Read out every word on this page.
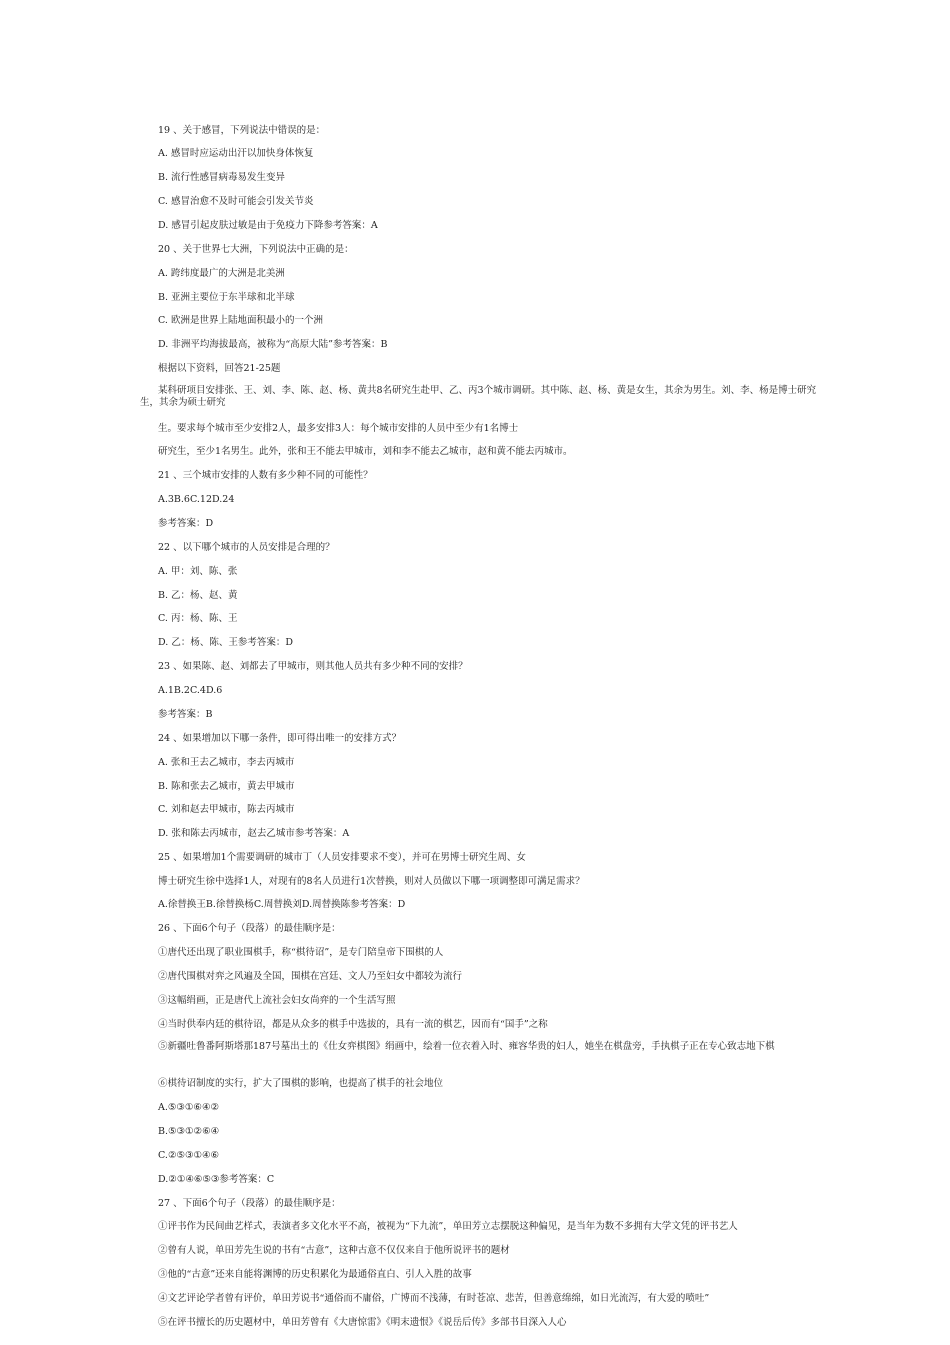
19 、关于感冒，下列说法中错误的是：
A. 感冒时应运动出汗以加快身体恢复
B. 流行性感冒病毒易发生变异
C. 感冒治愈不及时可能会引发关节炎
D. 感冒引起皮肤过敏是由于免疫力下降参考答案：A
20 、关于世界七大洲，下列说法中正确的是：
A. 跨纬度最广的大洲是北美洲
B. 亚洲主要位于东半球和北半球
C. 欧洲是世界上陆地面积最小的一个洲
D. 非洲平均海拔最高，被称为“高原大陆”参考答案：B
根据以下资料，回答21-25题
某科研项目安排张、王、刘、李、陈、赵、杨、黄共8名研究生赴甲、乙、丙3个城市调研。其中陈、赵、杨、黄是女生，其余为男生。刘、李、杨是博士研究生，其余为硕士研究
生。要求每个城市至少安排2人，最多安排3人：每个城市安排的人员中至少有1名博士
研究生，至少1名男生。此外，张和王不能去甲城市，刘和李不能去乙城市，赵和黄不能去丙城市。
21 、三个城市安排的人数有多少种不同的可能性？
A.3B.6C.12D.24
参考答案：D
22 、以下哪个城市的人员安排是合理的？
A. 甲：刘、陈、张
B. 乙：杨、赵、黄
C. 丙：杨、陈、王
D. 乙：杨、陈、王参考答案：D
23 、如果陈、赵、刘都去了甲城市，则其他人员共有多少种不同的安排？
A.1B.2C.4D.6
参考答案：B
24 、如果增加以下哪一条件，即可得出唯一的安排方式？
A. 张和王去乙城市，李去丙城市
B. 陈和张去乙城市，黄去甲城市
C. 刘和赵去甲城市，陈去丙城市
D. 张和陈去丙城市，赵去乙城市参考答案：A
25 、如果增加1个需要调研的城市丁（人员安排要求不变），并可在男博士研究生周、女
博士研究生徐中选择1人，对现有的8名人员进行1次替换，则对人员做以下哪一项调整即可满足需求？
A.徐替换王B.徐替换杨C.周替换刘D.周替换陈参考答案：D
26 、下面6个句子（段落）的最佳顺序是：
①唐代还出现了职业围棋手，称“棋待诏”，是专门陪皇帝下围棋的人
②唐代围棋对弈之风遍及全国，围棋在宫廷、文人乃至妇女中都较为流行
③这幅绢画，正是唐代上流社会妇女尚弈的一个生活写照
④当时供奉内廷的棋待诏，都是从众多的棋手中选拔的，具有一流的棋艺，因而有“国手”之称
⑤新疆吐鲁番阿斯塔那187号墓出土的《仕女弈棋图》绢画中，绘着一位衣着入时、雍容华贵的妇人，她坐在棋盘旁，手执棋子正在专心致志地下棋
⑥棋待诏制度的实行，扩大了围棋的影响，也提高了棋手的社会地位
A.⑤③①⑥④②
B.⑤③①②⑥④
C.②⑤③①④⑥
D.②①④⑥⑤③参考答案：C
27 、下面6个句子（段落）的最佳顺序是：
①评书作为民间曲艺样式，表演者多文化水平不高，被视为“下九流”，单田芳立志摆脱这种偏见，是当年为数不多拥有大学文凭的评书艺人
②曾有人说，单田芳先生说的书有“古意”，这种古意不仅仅来自于他所说评书的题材
③他的“古意”还来自能将渊博的历史积累化为最通俗直白、引人入胜的故事
④文艺评论学者曾有评价，单田芳说书“通俗而不庸俗，广博而不浅薄，有时苍凉、悲苦，但善意绵绵，如日光流泻，有大爱的喷吐”
⑤在评书擅长的历史题材中，单田芳曾有《大唐惊雷》《明末遗恨》《说岳后传》多部书目深入人心
